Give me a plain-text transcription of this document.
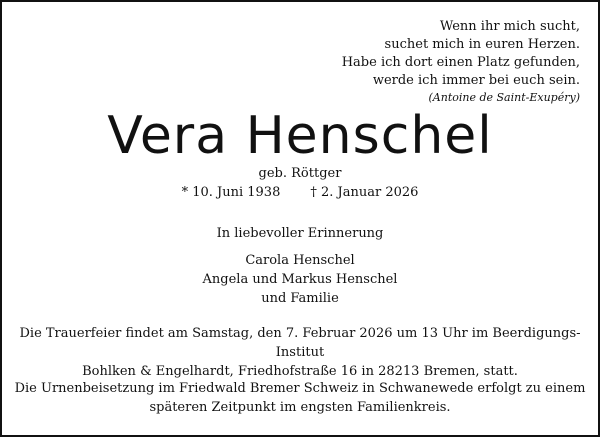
Wenn ihr mich sucht,
suchet mich in euren Herzen.
Habe ich dort einen Platz gefunden,
werde ich immer bei euch sein.
(Antoine de Saint-Exupéry)
Vera Henschel
geb. Röttger
* 10. Juni 1938 † 2. Januar 2026
In liebevoller Erinnerung
Carola Henschel
Angela und Markus Henschel
und Familie
Die Trauerfeier findet am Samstag, den 7. Februar 2026 um 13 Uhr im Beerdigungs-Institut
Bohlken & Engelhardt, Friedhofstraße 16 in 28213 Bremen, statt.
Die Urnenbeisetzung im Friedwald Bremer Schweiz in Schwanewede erfolgt zu einem
späteren Zeitpunkt im engsten Familienkreis.
